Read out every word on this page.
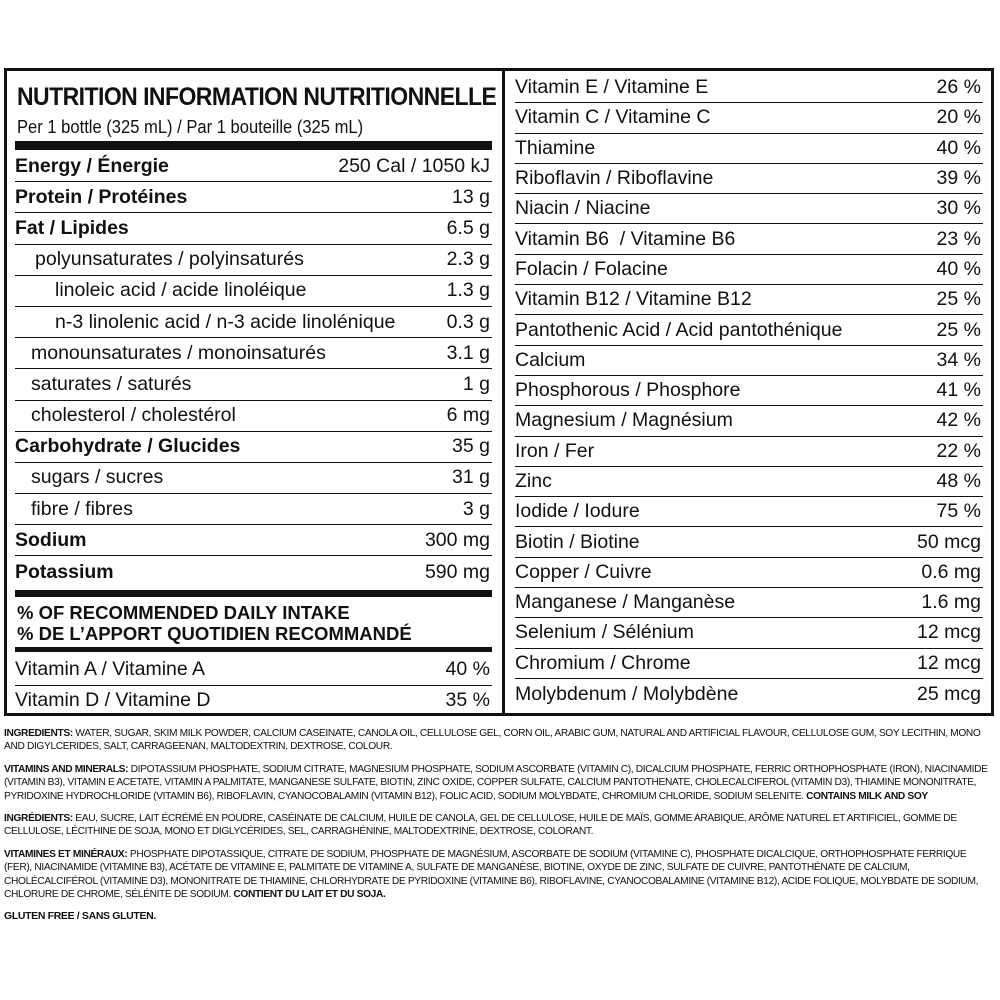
NUTRITION INFORMATION NUTRITIONNELLE
Per 1 bottle (325 mL) / Par 1 bouteille (325 mL)
Energy / Énergie	250 Cal / 1050 kJ
Protein / Protéines	13 g
Fat / Lipides	6.5 g
polyunsaturates / polyinsaturés	2.3 g
linoleic acid / acide linoléique	1.3 g
n-3 linolenic acid / n-3 acide linolénique	0.3 g
monounsaturates / monoinsaturés	3.1 g
saturates / saturés	1 g
cholesterol / cholestérol	6 mg
Carbohydrate / Glucides	35 g
sugars / sucres	31 g
fibre / fibres	3 g
Sodium	300 mg
Potassium	590 mg
% OF RECOMMENDED DAILY INTAKE
% DE L’APPORT QUOTIDIEN RECOMMANDÉ
Vitamin A / Vitamine A	40 %
Vitamin D / Vitamine D	35 %
Vitamin E / Vitamine E	26 %
Vitamin C / Vitamine C	20 %
Thiamine	40 %
Riboflavin / Riboflavine	39 %
Niacin / Niacine	30 %
Vitamin B6  / Vitamine B6	23 %
Folacin / Folacine	40 %
Vitamin B12 / Vitamine B12	25 %
Pantothenic Acid / Acid pantothénique	25 %
Calcium	34 %
Phosphorous / Phosphore	41 %
Magnesium / Magnésium	42 %
Iron / Fer	22 %
Zinc	48 %
Iodide / Iodure	75 %
Biotin / Biotine	50 mcg
Copper / Cuivre	0.6 mg
Manganese / Manganèse	1.6 mg
Selenium / Sélénium	12 mcg
Chromium / Chrome	12 mcg
Molybdenum / Molybdène	25 mcg

INGREDIENTS: WATER, SUGAR, SKIM MILK POWDER, CALCIUM CASEINATE, CANOLA OIL, CELLULOSE GEL, CORN OIL, ARABIC GUM, NATURAL AND ARTIFICIAL FLAVOUR, CELLULOSE GUM, SOY LECITHIN, MONO AND DIGYLCERIDES, SALT, CARRAGEENAN, MALTODEXTRIN, DEXTROSE, COLOUR.

VITAMINS AND MINERALS: DIPOTASSIUM PHOSPHATE, SODIUM CITRATE, MAGNESIUM PHOSPHATE, SODIUM ASCORBATE (VITAMIN C), DICALCIUM PHOSPHATE, FERRIC ORTHOPHOSPHATE (IRON), NIACINAMIDE (VITAMIN B3), VITAMIN E ACETATE, VITAMIN A PALMITATE, MANGANESE SULFATE, BIOTIN, ZINC OXIDE, COPPER SULFATE, CALCIUM PANTOTHENATE, CHOLECALCIFEROL (VITAMIN D3), THIAMINE MONONITRATE, PYRIDOXINE HYDROCHLORIDE (VITAMIN B6), RIBOFLAVIN, CYANOCOBALAMIN (VITAMIN B12), FOLIC ACID, SODIUM MOLYBDATE, CHROMIUM CHLORIDE, SODIUM SELENITE. CONTAINS MILK AND SOY

INGRÉDIENTS: EAU, SUCRE, LAIT ÉCRÉMÉ EN POUDRE, CASÉINATE DE CALCIUM, HUILE DE CANOLA, GEL DE CELLULOSE, HUILE DE MAÏS, GOMME ARABIQUE, ARÔME NATUREL ET ARTIFICIEL, GOMME DE CELLULOSE, LÉCITHINE DE SOJA, MONO ET DIGLYCÉRIDES, SEL, CARRAGHÉNINE, MALTODEXTRINE, DEXTROSE, COLORANT.

VITAMINES ET MINÉRAUX: PHOSPHATE DIPOTASSIQUE, CITRATE DE SODIUM, PHOSPHATE DE MAGNÉSIUM, ASCORBATE DE SODIUM (VITAMINE C), PHOSPHATE DICALCIQUE, ORTHOPHOSPHATE FERRIQUE (FER), NIACINAMIDE (VITAMINE B3), ACÉTATE DE VITAMINE E, PALMITATE DE VITAMINE A, SULFATE DE MANGANÈSE, BIOTINE, OXYDE DE ZINC, SULFATE DE CUIVRE, PANTOTHÉNATE DE CALCIUM, CHOLÉCALCIFÉROL (VITAMINE D3), MONONITRATE DE THIAMINE, CHLORHYDRATE DE PYRIDOXINE (VITAMINE B6), RIBOFLAVINE, CYANOCOBALAMINE (VITAMINE B12), ACIDE FOLIQUE, MOLYBDATE DE SODIUM, CHLORURE DE CHROME, SÉLÉNITE DE SODIUM. CONTIENT DU LAIT ET DU SOJA.

GLUTEN FREE / SANS GLUTEN.
